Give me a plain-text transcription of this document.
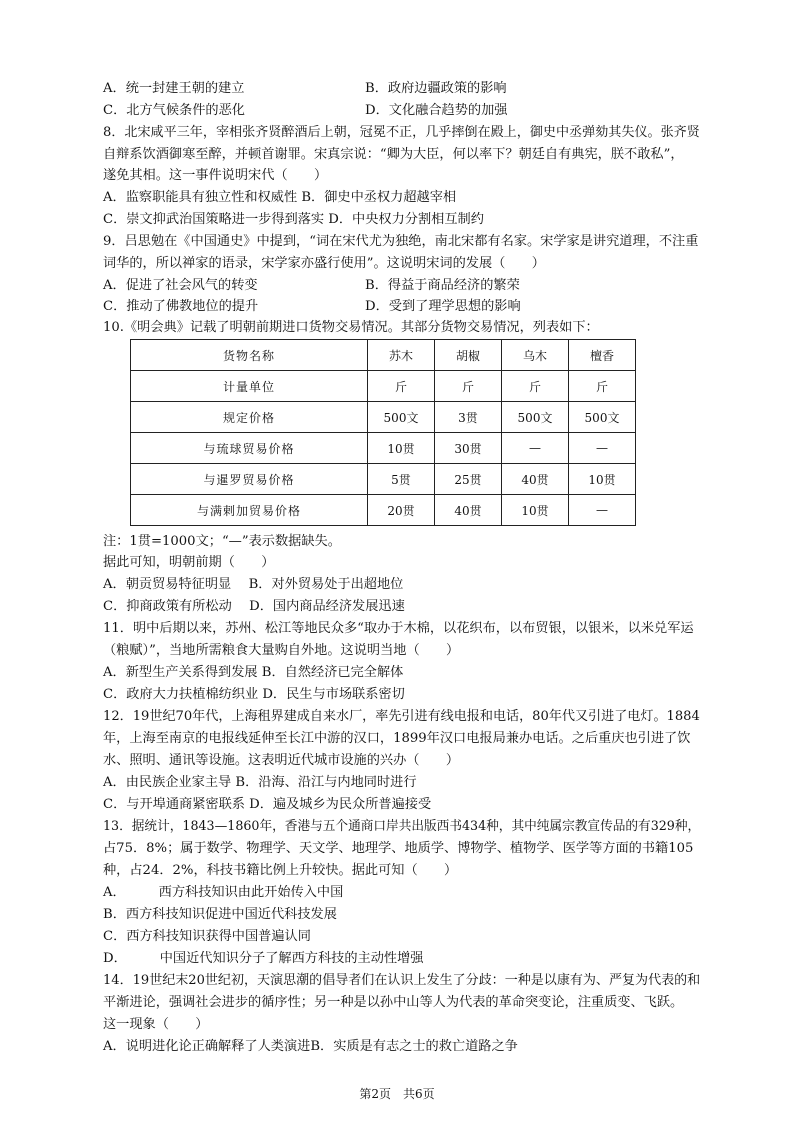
A．统一封建王朝的建立	B．政府边疆政策的影响
C．北方气候条件的恶化	D．文化融合趋势的加强
8．北宋咸平三年，宰相张齐贤醉酒后上朝，冠冕不正，几乎摔倒在殿上，御史中丞弹劾其失仪。张齐贤
自辩系饮酒御寒至醉，并顿首谢罪。宋真宗说：“卿为大臣，何以率下？朝廷自有典宪，朕不敢私”，
遂免其相。这一事件说明宋代（　　）
A．监察职能具有独立性和权威性 B．御史中丞权力超越宰相
C．崇文抑武治国策略进一步得到落实 D．中央权力分割相互制约
9．吕思勉在《中国通史》中提到，“词在宋代尤为独绝，南北宋都有名家。宋学家是讲究道理，不注重
词华的，所以禅家的语录，宋学家亦盛行使用”。这说明宋词的发展（　　）
A．促进了社会风气的转变	B．得益于商品经济的繁荣
C．推动了佛教地位的提升	D．受到了理学思想的影响
10.《明会典》记载了明朝前期进口货物交易情况。其部分货物交易情况，列表如下：
货物名称	苏木	胡椒	乌木	檀香
计量单位	斤	斤	斤	斤
规定价格	500文	3贯	500文	500文
与琉球贸易价格	10贯	30贯	—	—
与暹罗贸易价格	5贯	25贯	40贯	10贯
与满剌加贸易价格	20贯	40贯	10贯	—
注：1贯=1000文；“—”表示数据缺失。
据此可知，明朝前期（　　）
A．朝贡贸易特征明显　 B．对外贸易处于出超地位
C．抑商政策有所松动　 D．国内商品经济发展迅速
11．明中后期以来，苏州、松江等地民众多“取办于木棉，以花织布，以布贸银，以银米，以米兑军运
（粮赋）”，当地所需粮食大量购自外地。这说明当地（　　）
A．新型生产关系得到发展 B．自然经济已完全解体
C．政府大力扶植棉纺织业 D．民生与市场联系密切
12．19世纪70年代，上海租界建成自来水厂，率先引进有线电报和电话，80年代又引进了电灯。1884
年，上海至南京的电报线延伸至长江中游的汉口，1899年汉口电报局兼办电话。之后重庆也引进了饮
水、照明、通讯等设施。这表明近代城市设施的兴办（　　）
A．由民族企业家主导 B．沿海、沿江与内地同时进行
C．与开埠通商紧密联系 D．遍及城乡为民众所普遍接受
13．据统计，1843—1860年，香港与五个通商口岸共出版西书434种，其中纯属宗教宣传品的有329种，
占75．8%；属于数学、物理学、天文学、地理学、地质学、博物学、植物学、医学等方面的书籍105
种，占24．2%，科技书籍比例上升较快。据此可知（　　）
A．　　　西方科技知识由此开始传入中国
B．西方科技知识促进中国近代科技发展
C．西方科技知识获得中国普遍认同
D．　　　中国近代知识分子了解西方科技的主动性增强
14．19世纪末20世纪初，天演思潮的倡导者们在认识上发生了分歧：一种是以康有为、严复为代表的和
平渐进论，强调社会进步的循序性；另一种是以孙中山等人为代表的革命突变论，注重质变、飞跃。
这一现象（　　）
A．说明进化论正确解释了人类演进B．实质是有志之士的救亡道路之争
第2页　共6页
